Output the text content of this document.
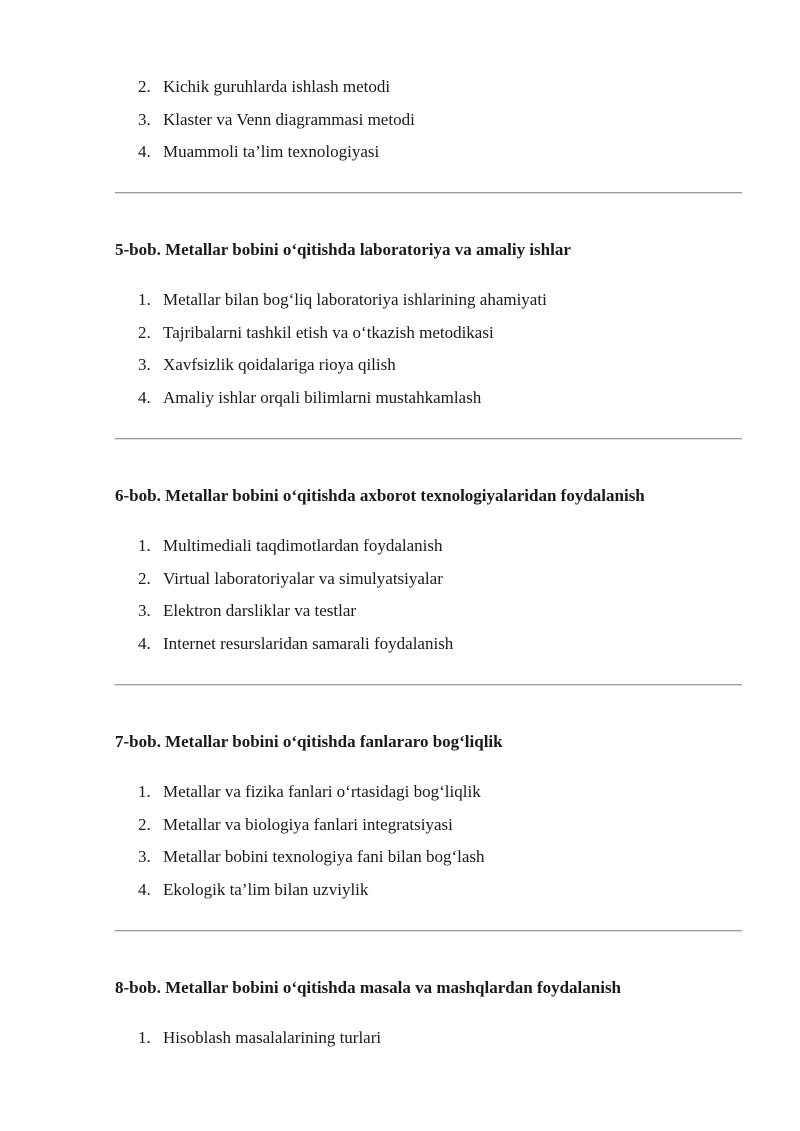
2. Kichik guruhlarda ishlash metodi
3. Klaster va Venn diagrammasi metodi
4. Muammoli ta’lim texnologiyasi
5-bob. Metallar bobini o‘qitishda laboratoriya va amaliy ishlar
1. Metallar bilan bog‘liq laboratoriya ishlarining ahamiyati
2. Tajribalarni tashkil etish va o‘tkazish metodikasi
3. Xavfsizlik qoidalariga rioya qilish
4. Amaliy ishlar orqali bilimlarni mustahkamlash
6-bob. Metallar bobini o‘qitishda axborot texnologiyalaridan foydalanish
1. Multimediali taqdimotlardan foydalanish
2. Virtual laboratoriyalar va simulyatsiyalar
3. Elektron darsliklar va testlar
4. Internet resurslaridan samarali foydalanish
7-bob. Metallar bobini o‘qitishda fanlararo bog‘liqlik
1. Metallar va fizika fanlari o‘rtasidagi bog‘liqlik
2. Metallar va biologiya fanlari integratsiyasi
3. Metallar bobini texnologiya fani bilan bog‘lash
4. Ekologik ta’lim bilan uzviylik
8-bob. Metallar bobini o‘qitishda masala va mashqlardan foydalanish
1. Hisoblash masalalarining turlari
